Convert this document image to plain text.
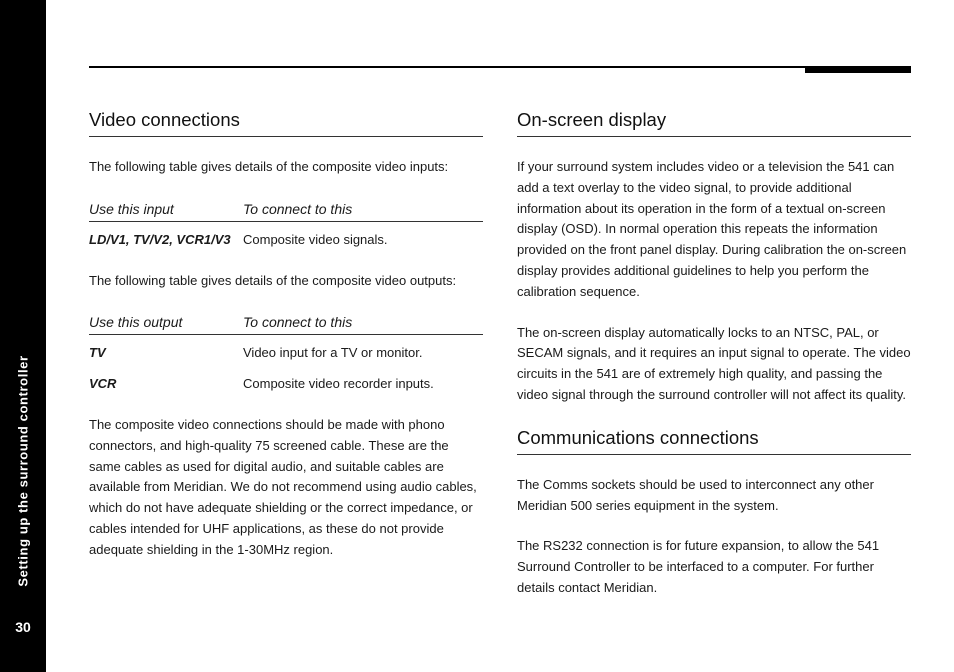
Setting up the surround controller
30
Video connections

The following table gives details of the composite video inputs:

Use this input	To connect to this
LD/V1, TV/V2, VCR1/V3	Composite video signals.

The following table gives details of the composite video outputs:

Use this output	To connect to this
TV	Video input for a TV or monitor.
VCR	Composite video recorder inputs.

The composite video connections should be made with phono connectors, and high-quality 75 screened cable. These are the same cables as used for digital audio, and suitable cables are available from Meridian. We do not recommend using audio cables, which do not have adequate shielding or the correct impedance, or cables intended for UHF applications, as these do not provide adequate shielding in the 1-30MHz region.

On-screen display

If your surround system includes video or a television the 541 can add a text overlay to the video signal, to provide additional information about its operation in the form of a textual on-screen display (OSD). In normal operation this repeats the information provided on the front panel display. During calibration the on-screen display provides additional guidelines to help you perform the calibration sequence.

The on-screen display automatically locks to an NTSC, PAL, or SECAM signals, and it requires an input signal to operate. The video circuits in the 541 are of extremely high quality, and passing the video signal through the surround controller will not affect its quality.

Communications connections

The Comms sockets should be used to interconnect any other Meridian 500 series equipment in the system.

The RS232 connection is for future expansion, to allow the 541 Surround Controller to be interfaced to a computer. For further details contact Meridian.
